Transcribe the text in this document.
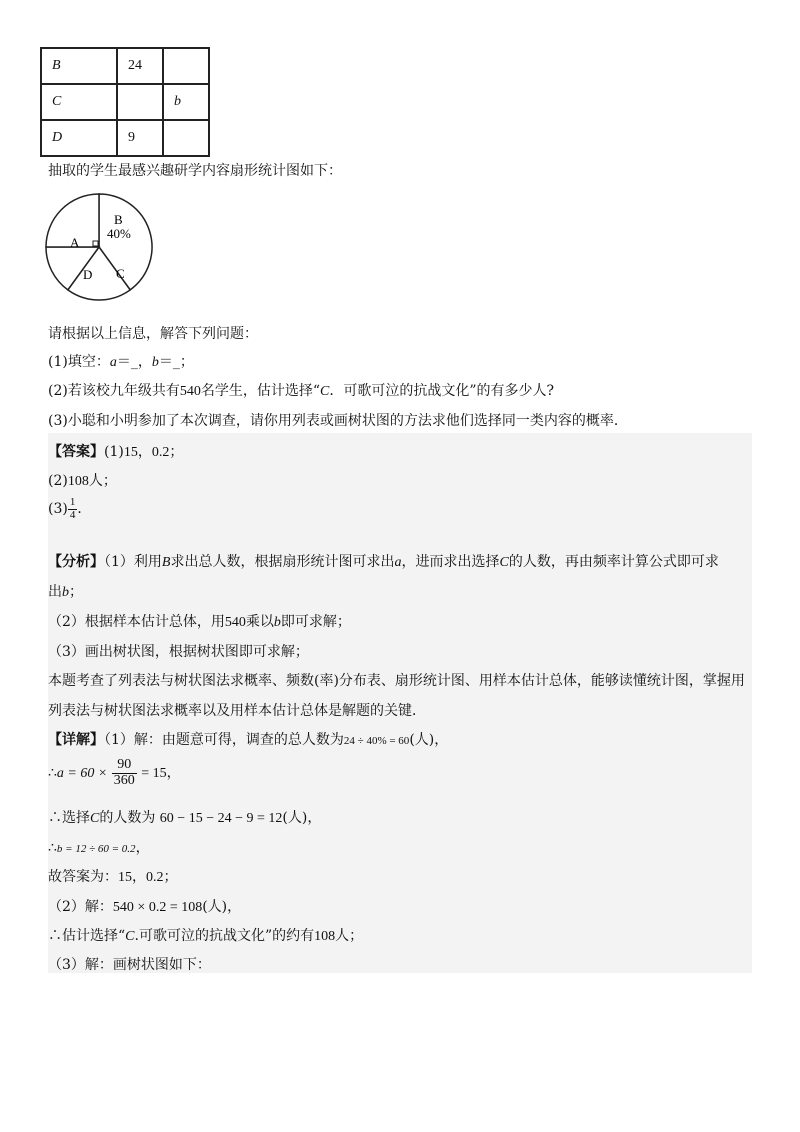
B	24	
C		b
D	9	
抽取的学生最感兴趣研学内容扇形统计图如下：
A
B
40%
C
D
请根据以上信息，解答下列问题：
(1)填空：a＝_，b＝_；
(2)若该校九年级共有540名学生，估计选择“C．可歌可泣的抗战文化”的有多少人?
(3)小聪和小明参加了本次调查，请你用列表或画树状图的方法求他们选择同一类内容的概率．
【答案】(1)15，0.2；
(2)108人；
$(3) \frac{1}{4}$ ．
【分析】（1）利用B求出总人数，根据扇形统计图可求出a，进而求出选择C的人数，再由频率计算公式即可求
出b；
（2）根据样本估计总体，用540乘以b即可求解；
（3）画出树状图，根据树状图即可求解；
本题考查了列表法与树状图法求概率、频数(率)分布表、扇形统计图、用样本估计总体，能够读懂统计图，掌握用
列表法与树状图法求概率以及用样本估计总体是解题的关键．
【详解】（1）解：由题意可得，调查的总人数为24 ÷ 40% = 60(人)，
∴a = $60 \times \frac{90}{360} = 15$，
∴选择C的人数为 60 − 15 − 24 − 9 = 12(人)，
∴b = 12 ÷ 60 = 0.2，
故答案为：15，0.2；
（2）解：540 × 0.2 = 108(人)，
∴估计选择“C.可歌可泣的抗战文化”的约有108人；
（3）解：画树状图如下：
